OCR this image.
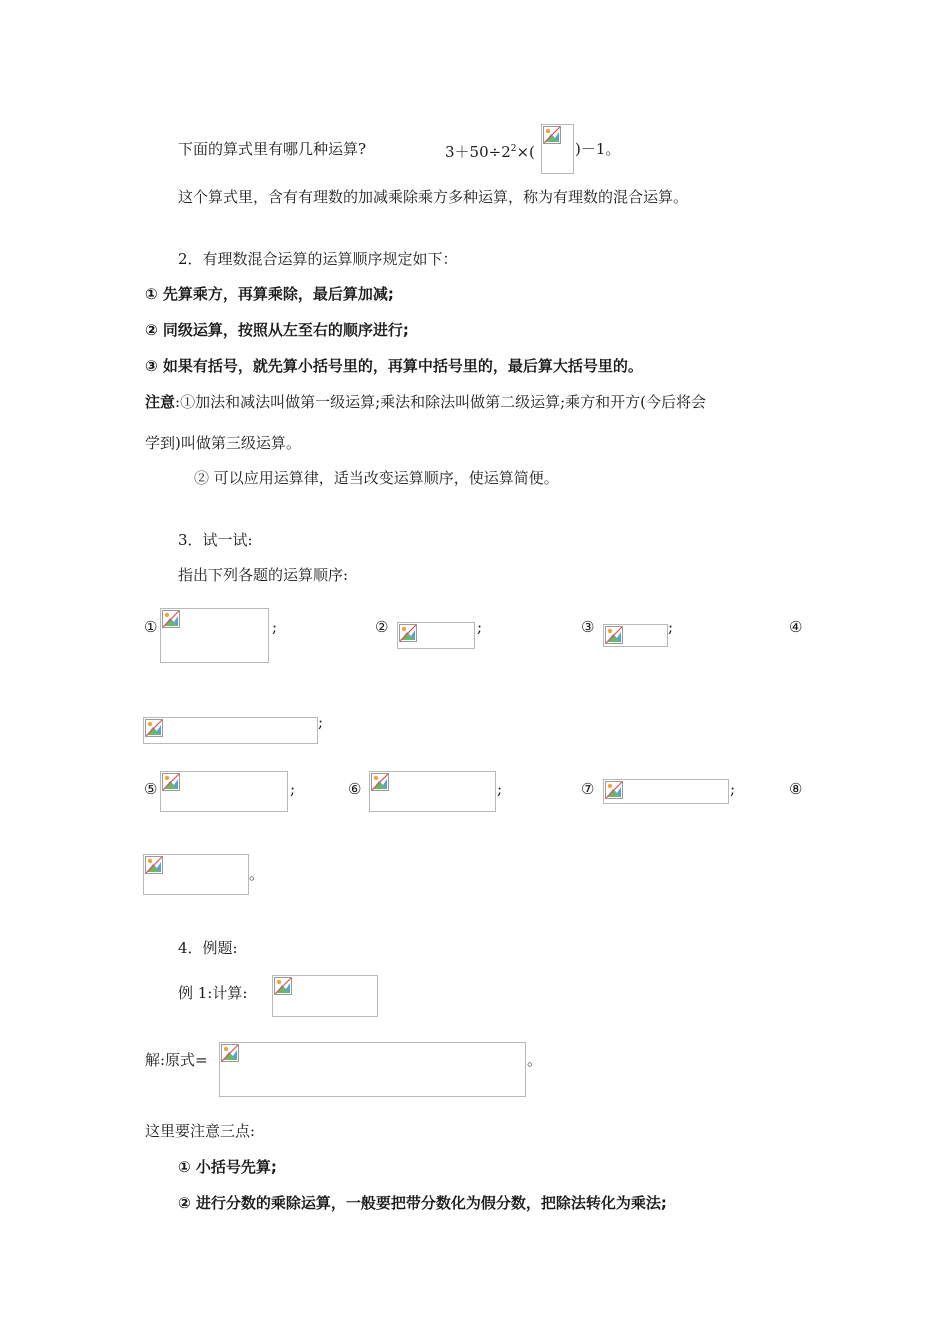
下面的算式里有哪几种运算?	$3+50\div 2^2\times$(	)－1。
这个算式里，含有有理数的加减乘除乘方多种运算，称为有理数的混合运算。
2．有理数混合运算的运算顺序规定如下：
① 先算乘方，再算乘除，最后算加减;
② 同级运算，按照从左至右的顺序进行;
③ 如果有括号，就先算小括号里的，再算中括号里的，最后算大括号里的。
注意:①加法和减法叫做第一级运算;乘法和除法叫做第二级运算;乘方和开方(今后将会
学到)叫做第三级运算。
② 可以应用运算律，适当改变运算顺序，使运算简便。
3．试一试:
指出下列各题的运算顺序:
①	;	②	;	③	;	④
;
⑤	;	⑥	;	⑦	;	⑧
。
4．例题:
例 1:计算:
解:原式=	。
这里要注意三点:
① 小括号先算;
② 进行分数的乘除运算，一般要把带分数化为假分数，把除法转化为乘法;
